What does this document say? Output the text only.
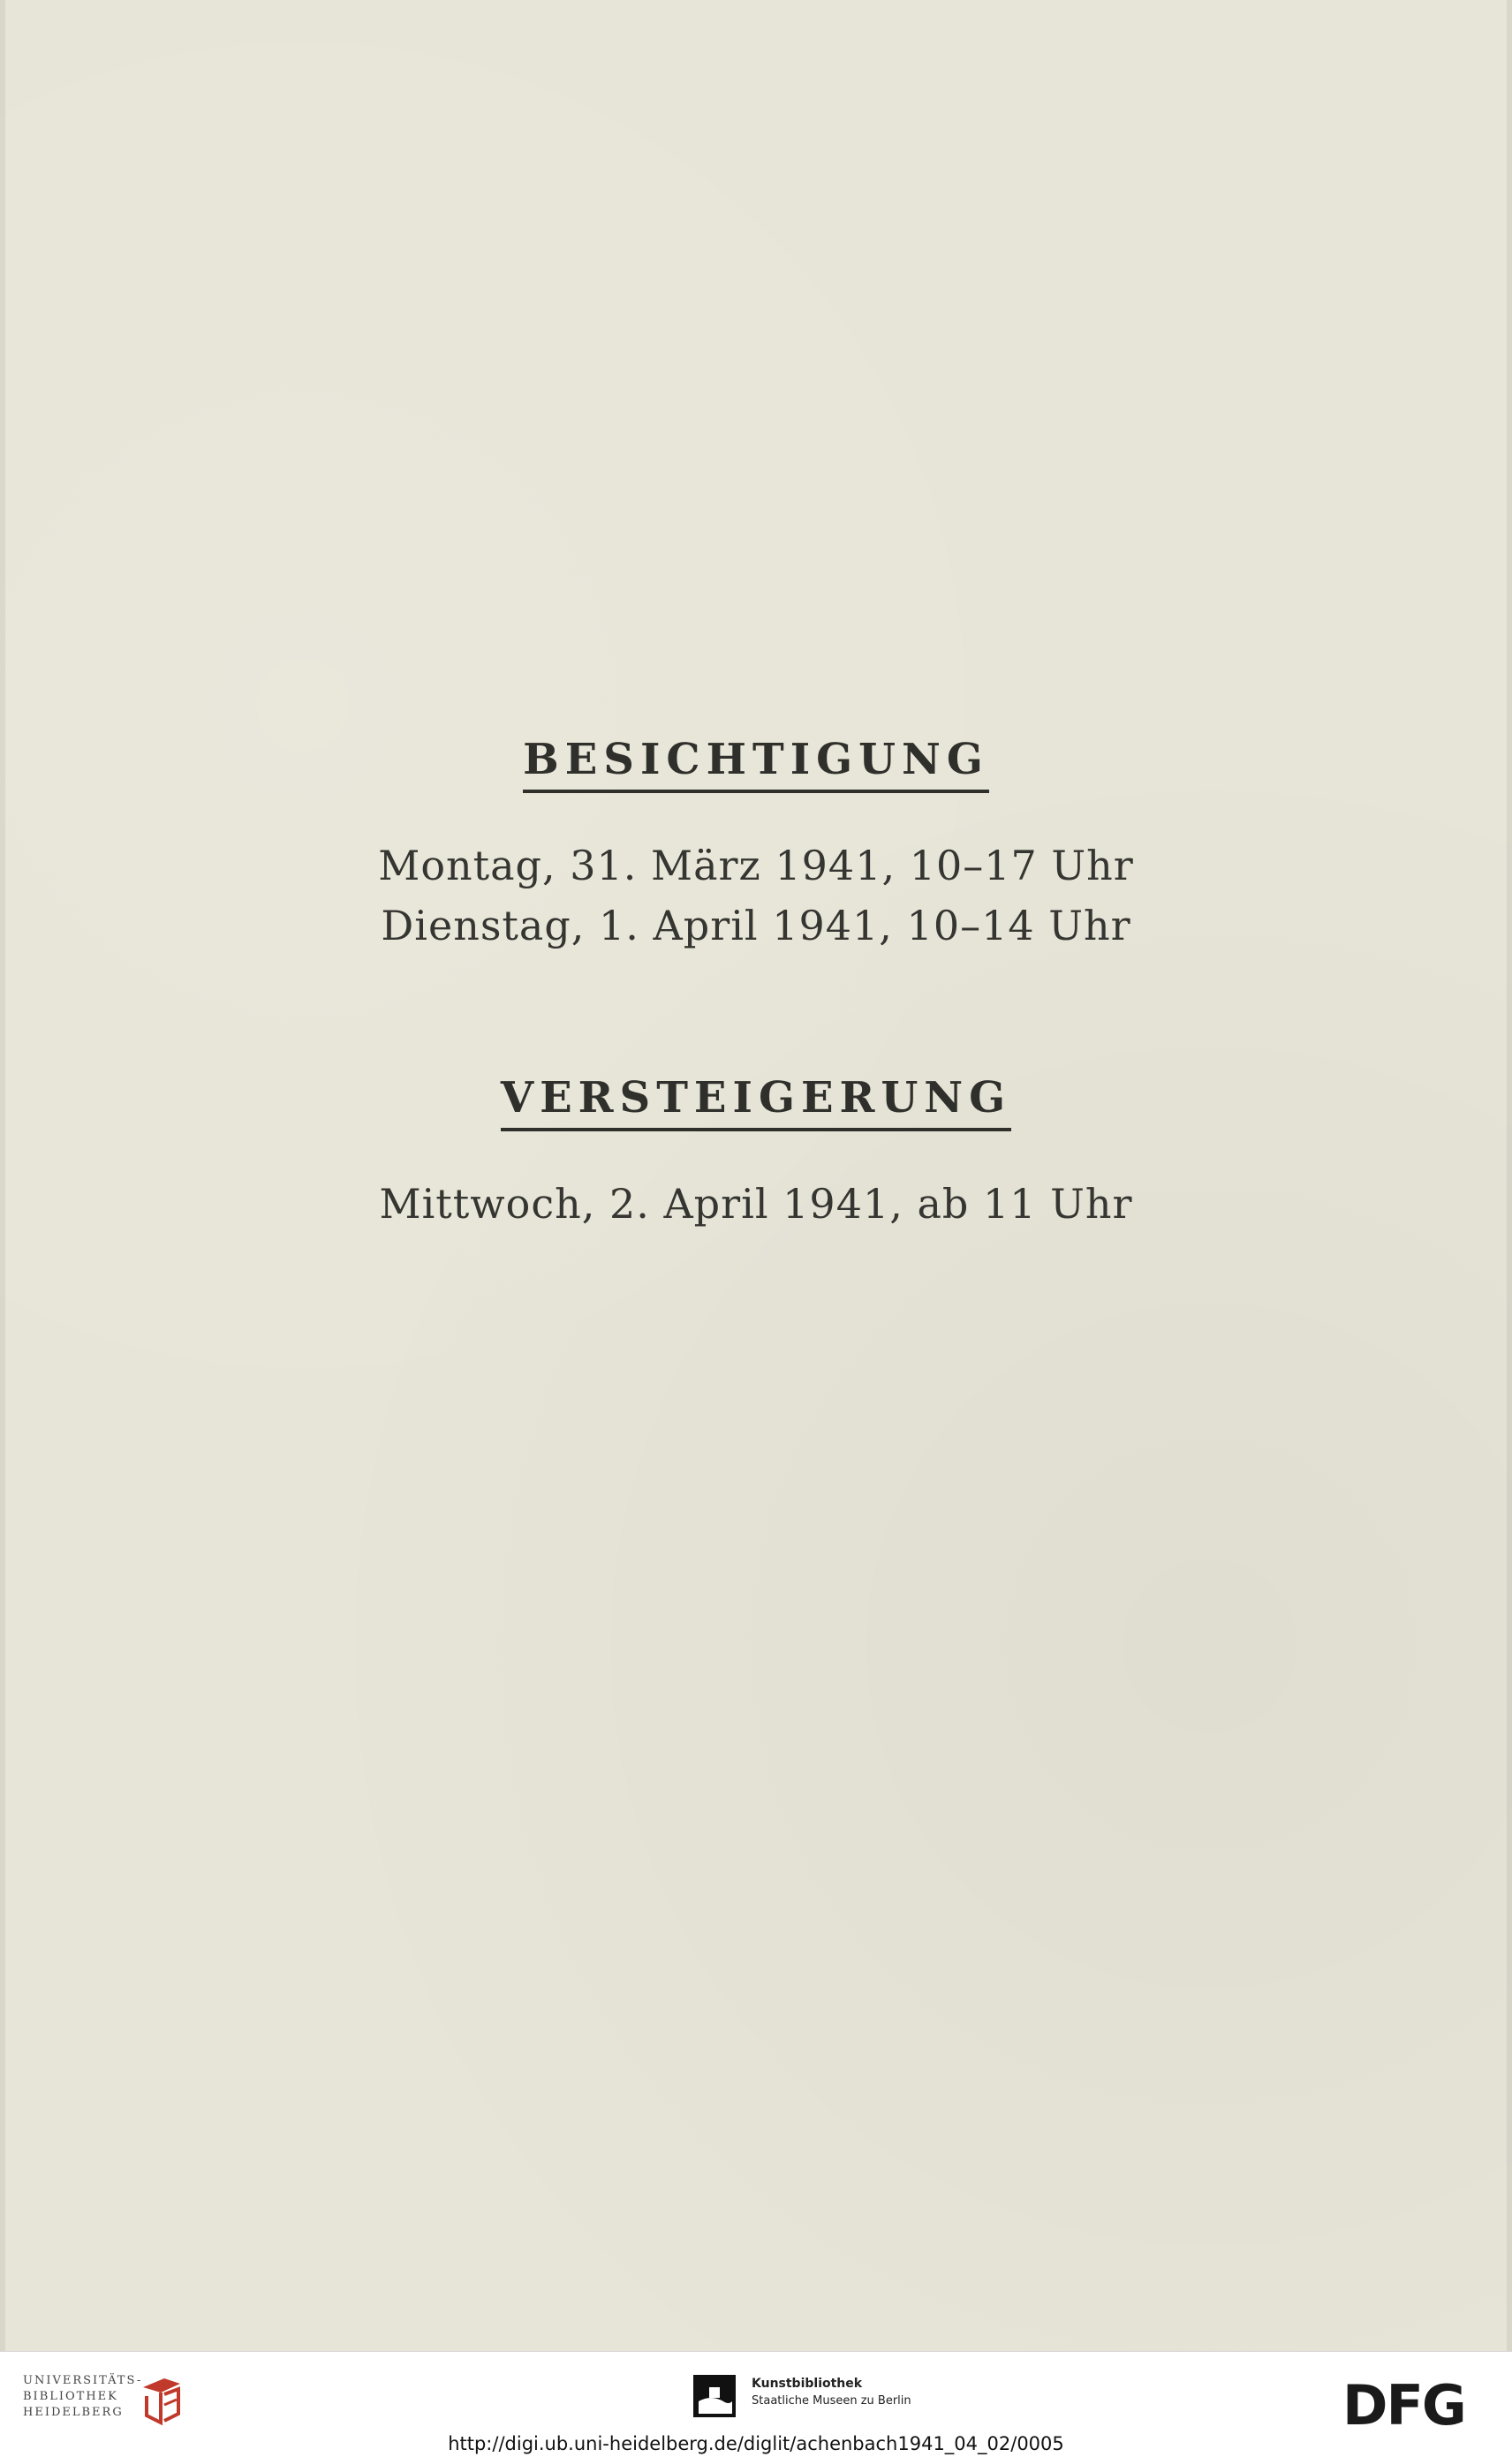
BESICHTIGUNG
Montag, 31. März 1941, 10–17 Uhr
Dienstag, 1. April 1941, 10–14 Uhr
VERSTEIGERUNG
Mittwoch, 2. April 1941, ab 11 Uhr
UNIVERSITÄTS-
BIBLIOTHEK
HEIDELBERG
Kunstbibliothek
Staatliche Museen zu Berlin	DFG
http://digi.ub.uni-heidelberg.de/diglit/achenbach1941_04_02/0005
